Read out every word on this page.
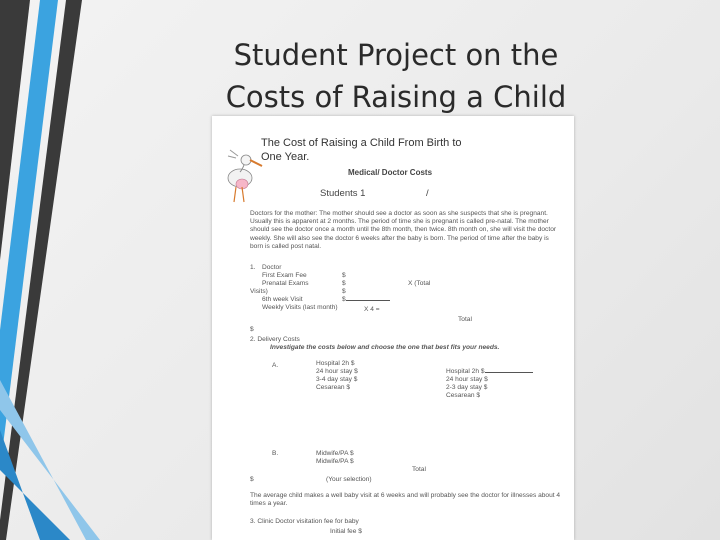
Student Project on the
Costs of Raising a Child
The Cost of Raising a Child From Birth to
One Year.
Medical/ Doctor Costs
Students 1	/
Doctors for the mother: The mother should see a doctor as soon as she suspects that she is pregnant. Usually this is apparent at 2 months. The period of time she is pregnant is called pre-natal. The mother should see the doctor once a month until the 8th month, then twice. 8th month on, she will visit the doctor weekly. She will also see the doctor 6 weeks after the baby is born. The period of time after the baby is born is called post natal.
1. Doctor
First Exam Fee	$
Prenatal Exams	$	X (Total
Visits)	$
6th week Visit	$
Weekly Visits (last month)	X 4 =
Total
$
2. Delivery Costs
Investigate the costs below and choose the one that best fits your needs.
A.	Hospital 2h $
24 hour stay $
3-4 day stay $
Cesarean $
Hospital 2h $
24 hour stay $
2-3 day stay $
Cesarean $
B.	Midwife/PA $
Midwife/PA $
Total
$	(Your selection)
The average child makes a well baby visit at 6 weeks and will probably see the doctor for illnesses about 4 times a year.
3. Clinic Doctor visitation fee for baby
Initial fee $
